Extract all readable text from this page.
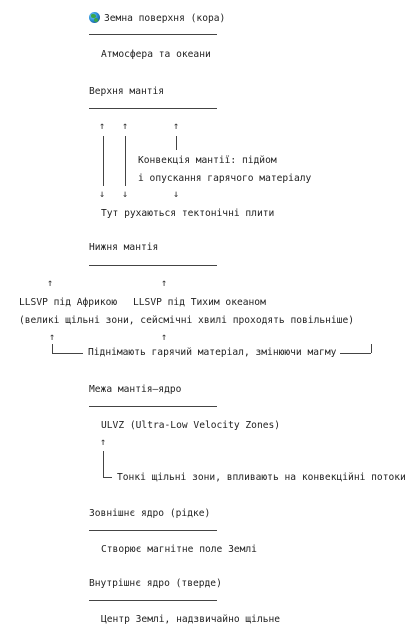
Земна поверхня (кора)
Атмосфера та океани
Верхня мантія
↑ ↑	↑
Конвекція мантії: підйом
і опускання гарячого матеріалу
↓ ↓	↓
Тут рухаються тектонічні плити
Нижня мантія
↑	↑
LLSVP під Африкою LLSVP під Тихим океаном
(великі щільні зони, сейсмічні хвилі проходять повільніше)
↑	↑
Піднімають гарячий матеріал, змінюючи магму
Межа мантія–ядро
ULVZ (Ultra-Low Velocity Zones)
↑
Тонкі щільні зони, впливають на конвекційні потоки
Зовнішнє ядро (рідке)
Створює магнітне поле Землі
Внутрішнє ядро (тверде)
Центр Землі, надзвичайно щільне
